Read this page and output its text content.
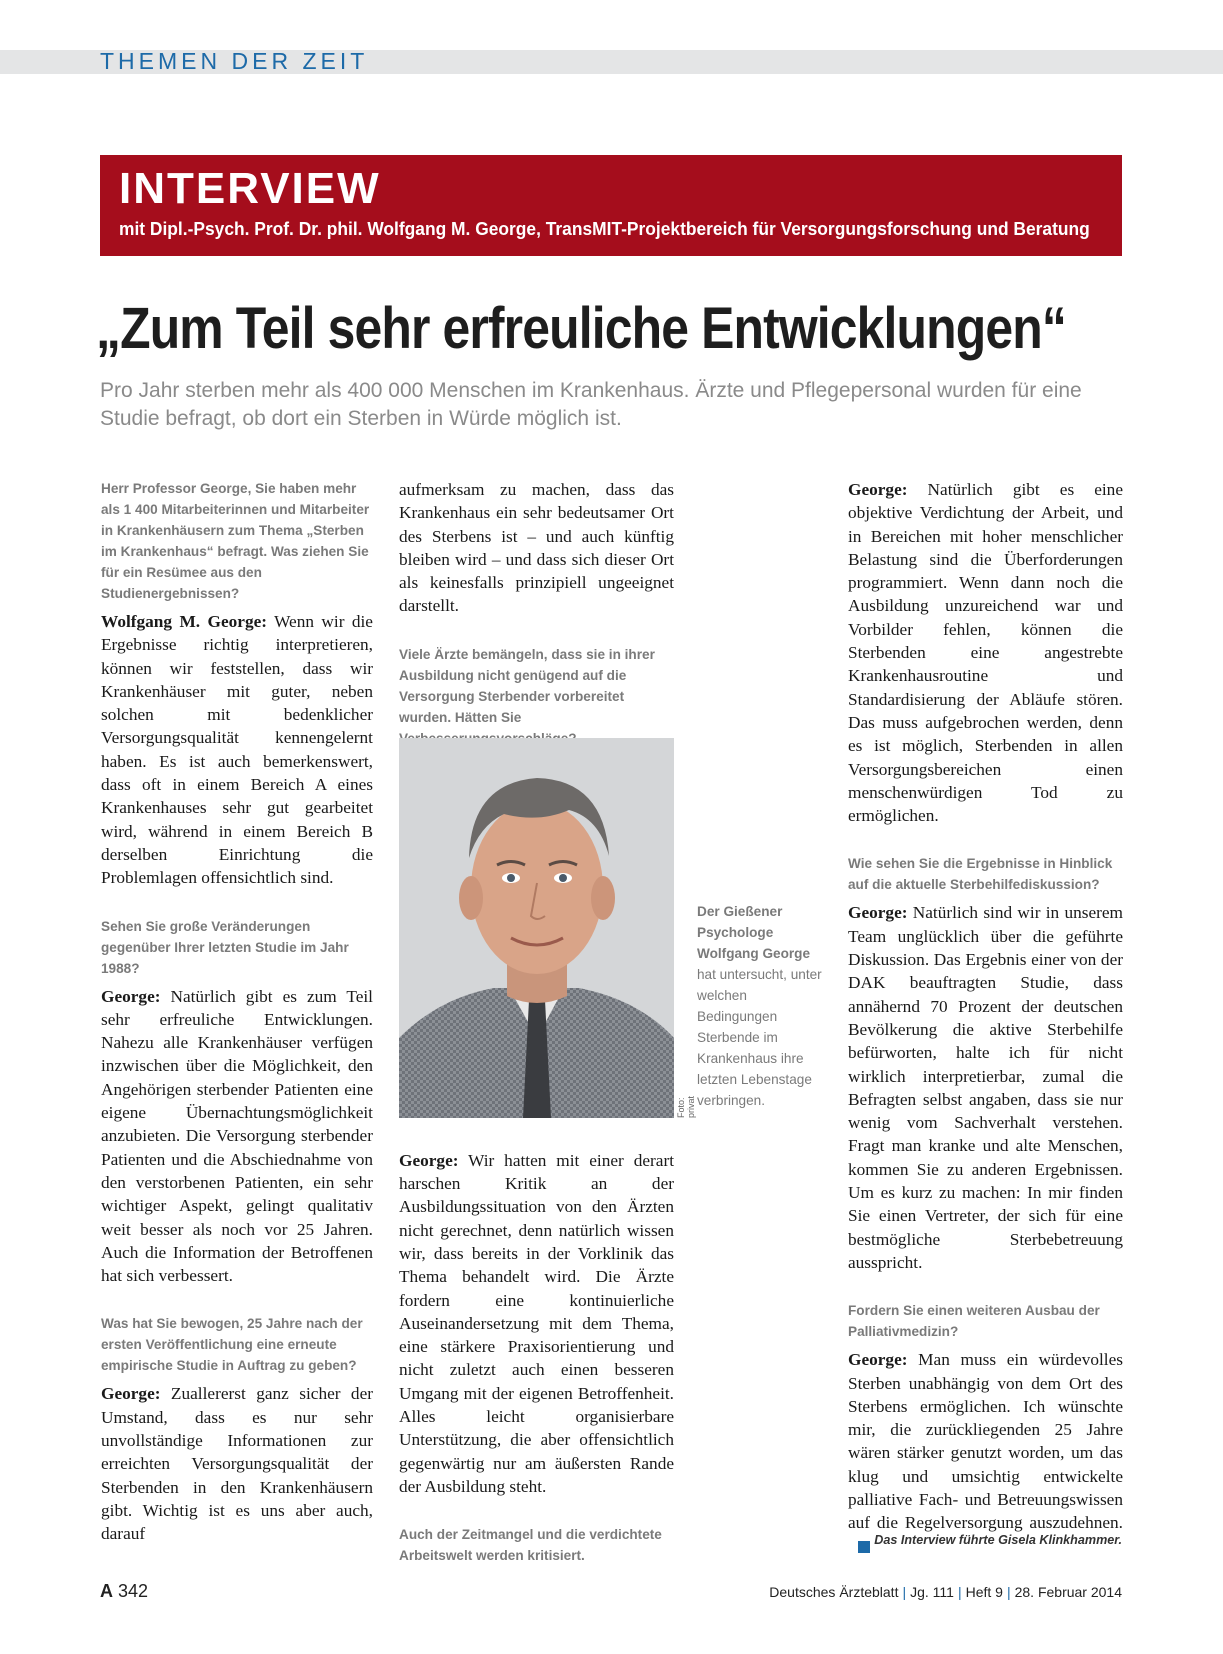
THEMEN DER ZEIT
INTERVIEW
mit Dipl.-Psych. Prof. Dr. phil. Wolfgang M. George, TransMIT-Projektbereich für Versorgungsforschung und Beratung
„Zum Teil sehr erfreuliche Entwicklungen“
Pro Jahr sterben mehr als 400 000 Menschen im Krankenhaus. Ärzte und Pflegepersonal wurden für eine Studie befragt, ob dort ein Sterben in Würde möglich ist.

Herr Professor George, Sie haben mehr als 1 400 Mitarbeiterinnen und Mitarbeiter in Krankenhäusern zum Thema „Sterben im Krankenhaus“ befragt. Was ziehen Sie für ein Resümee aus den Studienergebnissen?

Wolfgang M. George: Wenn wir die Ergebnisse richtig interpretieren, können wir feststellen, dass wir Krankenhäuser mit guter, neben solchen mit bedenklicher Versorgungsqualität kennengelernt haben. Es ist auch bemerkenswert, dass oft in einem Bereich A eines Krankenhauses sehr gut gearbeitet wird, während in einem Bereich B derselben Einrichtung die Problemlagen offensichtlich sind.

Sehen Sie große Veränderungen gegenüber Ihrer letzten Studie im Jahr 1988?

George: Natürlich gibt es zum Teil sehr erfreuliche Entwicklungen. Nahezu alle Krankenhäuser verfügen inzwischen über die Möglichkeit, den Angehörigen sterbender Patienten eine eigene Übernachtungsmöglichkeit anzubieten. Die Versorgung sterbender Patienten und die Abschiednahme von den verstorbenen Patienten, ein sehr wichtiger Aspekt, gelingt qualitativ weit besser als noch vor 25 Jahren. Auch die Information der Betroffenen hat sich verbessert.

Was hat Sie bewogen, 25 Jahre nach der ersten Veröffentlichung eine erneute empirische Studie in Auftrag zu geben?

George: Zuallererst ganz sicher der Umstand, dass es nur sehr unvollständige Informationen zur erreichten Versorgungsqualität der Sterbenden in den Krankenhäusern gibt. Wichtig ist es uns aber auch, darauf

aufmerksam zu machen, dass das Krankenhaus ein sehr bedeutsamer Ort des Sterbens ist – und auch künftig bleiben wird – und dass sich dieser Ort als keinesfalls prinzipiell ungeeignet darstellt.

Viele Ärzte bemängeln, dass sie in ihrer Ausbildung nicht genügend auf die Versorgung Sterbender vorbereitet wurden. Hätten Sie

George: Wir hatten mit einer derart harschen Kritik an der Ausbildungssituation von den Ärzten nicht gerechnet, denn natürlich wissen wir, dass bereits in der Vorklinik das Thema behandelt wird. Die Ärzte fordern eine kontinuierliche Auseinandersetzung mit dem Thema, eine stärkere Praxisorientierung und nicht zuletzt auch einen besseren Umgang mit der eigenen Betroffenheit. Alles leicht organisierbare Unterstützung, die aber offensichtlich gegenwärtig nur am äußersten Rande der Ausbildung steht.

Auch der Zeitmangel und die verdichtete Arbeitswelt werden kritisiert.

Foto: privat
Der Gießener Psychologe Wolfgang George hat untersucht, unter welchen Bedingungen Sterbende im Krankenhaus ihre letzten Lebenstage verbringen.

George: Natürlich gibt es eine objektive Verdichtung der Arbeit, und in Bereichen mit hoher menschlicher Belastung sind die Überforderungen programmiert. Wenn dann noch die Ausbildung unzureichend war und Vorbilder fehlen, können die Sterbenden eine angestrebte Krankenhausroutine und Standardisierung der Abläufe stören. Das muss aufgebrochen werden, denn es ist möglich, Sterbenden in allen Versorgungsbereichen einen menschenwürdigen Tod zu ermöglichen.

Wie sehen Sie die Ergebnisse in Hinblick auf die aktuelle Sterbehilfediskussion?

George: Natürlich sind wir in unserem Team unglücklich über die geführte Diskussion. Das Ergebnis einer von der DAK beauftragten Studie, dass annähernd 70 Prozent der deutschen Bevölkerung die aktive Sterbehilfe befürworten, halte ich für nicht wirklich interpretierbar, zumal die Befragten selbst angaben, dass sie nur wenig vom Sachverhalt verstehen. Fragt man kranke und alte Menschen, kommen Sie zu anderen Ergebnissen. Um es kurz zu machen: In mir finden Sie einen Vertreter, der sich für eine bestmögliche Sterbebetreuung ausspricht.

Fordern Sie einen weiteren Ausbau der Palliativmedizin?

George: Man muss ein würdevolles Sterben unabhängig von dem Ort des Sterbens ermöglichen. Ich wünschte mir, die zurückliegenden 25 Jahre wären stärker genutzt worden, um das klug und umsichtig entwickelte palliative Fach- und Betreuungswissen auf die Regelversorgung auszudehnen.

Das Interview führte Gisela Klinkhammer.
A 342	Deutsches Ärzteblatt | Jg. 111 | Heft 9 | 28. Februar 2014
